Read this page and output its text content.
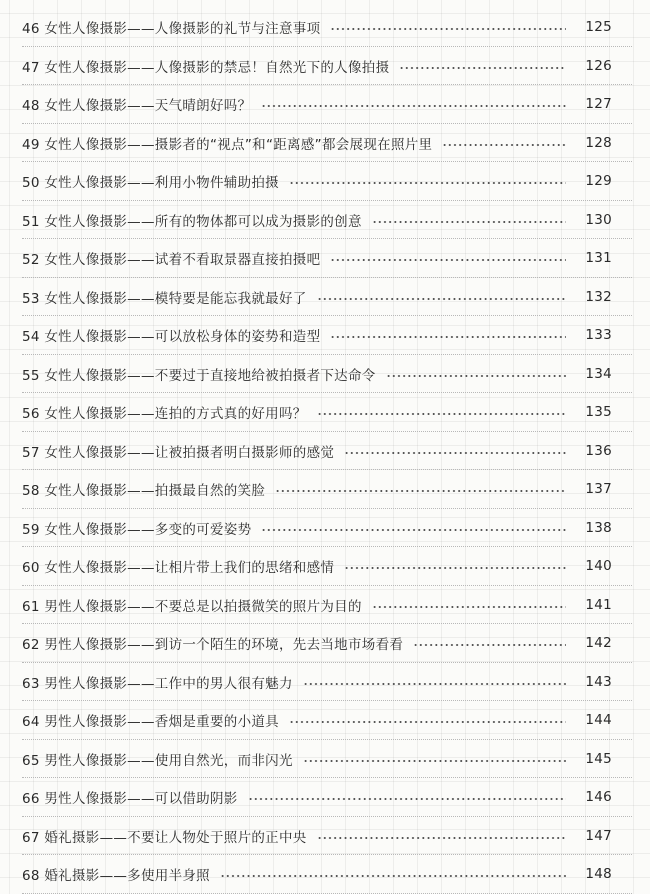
46 女性人像摄影——人像摄影的礼节与注意事项	125
47 女性人像摄影——人像摄影的禁忌！自然光下的人像拍摄	126
48 女性人像摄影——天气晴朗好吗？	127
49 女性人像摄影——摄影者的“视点”和“距离感”都会展现在照片里	128
50 女性人像摄影——利用小物件辅助拍摄	129
51 女性人像摄影——所有的物体都可以成为摄影的创意	130
52 女性人像摄影——试着不看取景器直接拍摄吧	131
53 女性人像摄影——模特要是能忘我就最好了	132
54 女性人像摄影——可以放松身体的姿势和造型	133
55 女性人像摄影——不要过于直接地给被拍摄者下达命令	134
56 女性人像摄影——连拍的方式真的好用吗？	135
57 女性人像摄影——让被拍摄者明白摄影师的感觉	136
58 女性人像摄影——拍摄最自然的笑脸	137
59 女性人像摄影——多变的可爱姿势	138
60 女性人像摄影——让相片带上我们的思绪和感情	140
61 男性人像摄影——不要总是以拍摄微笑的照片为目的	141
62 男性人像摄影——到访一个陌生的环境，先去当地市场看看	142
63 男性人像摄影——工作中的男人很有魅力	143
64 男性人像摄影——香烟是重要的小道具	144
65 男性人像摄影——使用自然光，而非闪光	145
66 男性人像摄影——可以借助阴影	146
67 婚礼摄影——不要让人物处于照片的正中央	147
68 婚礼摄影——多使用半身照	148
